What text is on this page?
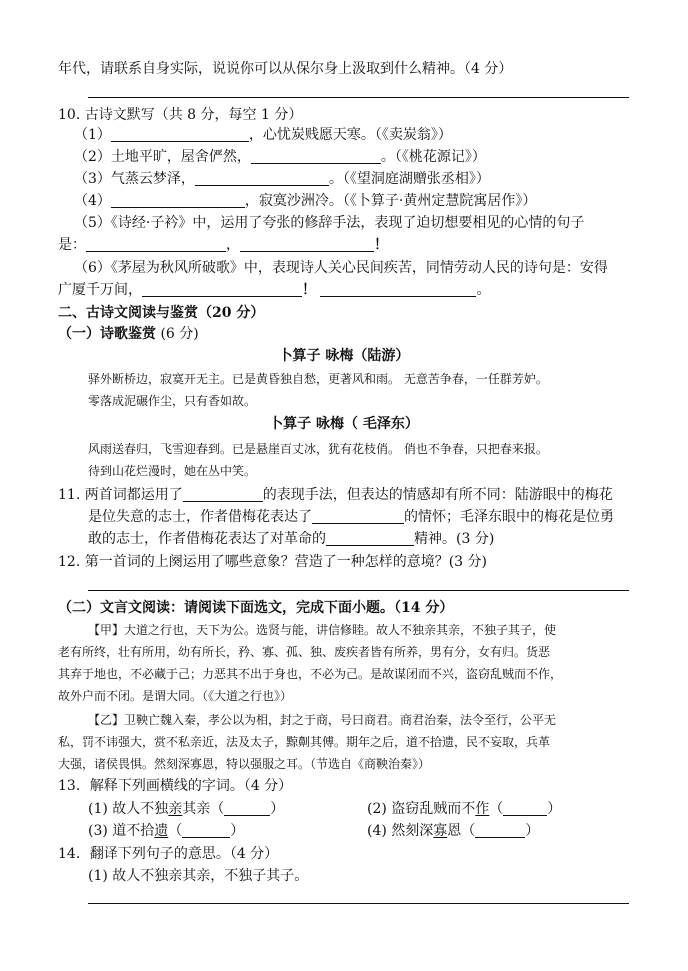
年代，请联系自身实际，说说你可以从保尔身上汲取到什么精神。（4 分）
10. 古诗文默写（共 8 分，每空 1 分）
（1）	，心忧炭贱愿天寒。（《卖炭翁》）
（2）土地平旷，屋舍俨然，	。（《桃花源记》）
（3）气蒸云梦泽，	。（《望洞庭湖赠张丞相》）
（4）	，寂寞沙洲冷。（《卜算子·黄州定慧院寓居作》）
（5）《诗经·子衿》中，运用了夸张的修辞手法，表现了迫切想要相见的心情的句子
是：	，	！
（6）《茅屋为秋风所破歌》中，表现诗人关心民间疾苦，同情劳动人民的诗句是：安得
广厦千万间，	！	。
二、古诗文阅读与鉴赏（20 分）
（一）诗歌鉴赏 (6 分)
卜算子 咏梅（陆游）
驿外断桥边，寂寞开无主。已是黄昏独自愁，更著风和雨。 无意苦争春，一任群芳妒。
零落成泥碾作尘，只有香如故。
卜算子 咏梅（ 毛泽东）
风雨送春归，飞雪迎春到。已是悬崖百丈冰，犹有花枝俏。 俏也不争春，只把春来报。
待到山花烂漫时，她在丛中笑。
11. 两首词都运用了	的表现手法，但表达的情感却有所不同：陆游眼中的梅花
是位失意的志士，作者借梅花表达了	的情怀；毛泽东眼中的梅花是位勇
敢的志士，作者借梅花表达了对革命的	精神。(3 分)
12. 第一首词的上阕运用了哪些意象？营造了一种怎样的意境？(3 分)
（二）文言文阅读：请阅读下面选文，完成下面小题。（14 分）
【甲】大道之行也，天下为公。选贤与能，讲信修睦。故人不独亲其亲，不独子其子，使
老有所终，壮有所用，幼有所长，矜、寡、孤、独、废疾者皆有所养，男有分，女有归。货恶
其弃于地也，不必藏于己；力恶其不出于身也，不必为己。是故谋闭而不兴，盗窃乱贼而不作，
故外户而不闭。是谓大同。（《大道之行也》）
【乙】卫鞅亡魏入秦，孝公以为相，封之于商，号曰商君。商君治秦，法令至行，公平无
私，罚不讳强大，赏不私亲近，法及太子，黥劓其傅。期年之后，道不拾遗，民不妄取，兵革
大强，诸侯畏惧。然刻深寡恩，特以强服之耳。（节选自《商鞅治秦》）
13．解释下列画横线的字词。（4 分）
(1) 故人不独亲其亲（	）	(2) 盗窃乱贼而不作（	）
(3) 道不拾遗（	）	(4) 然刻深寡恩（	）
14．翻译下列句子的意思。（4 分）
(1) 故人不独亲其亲，不独子其子。
